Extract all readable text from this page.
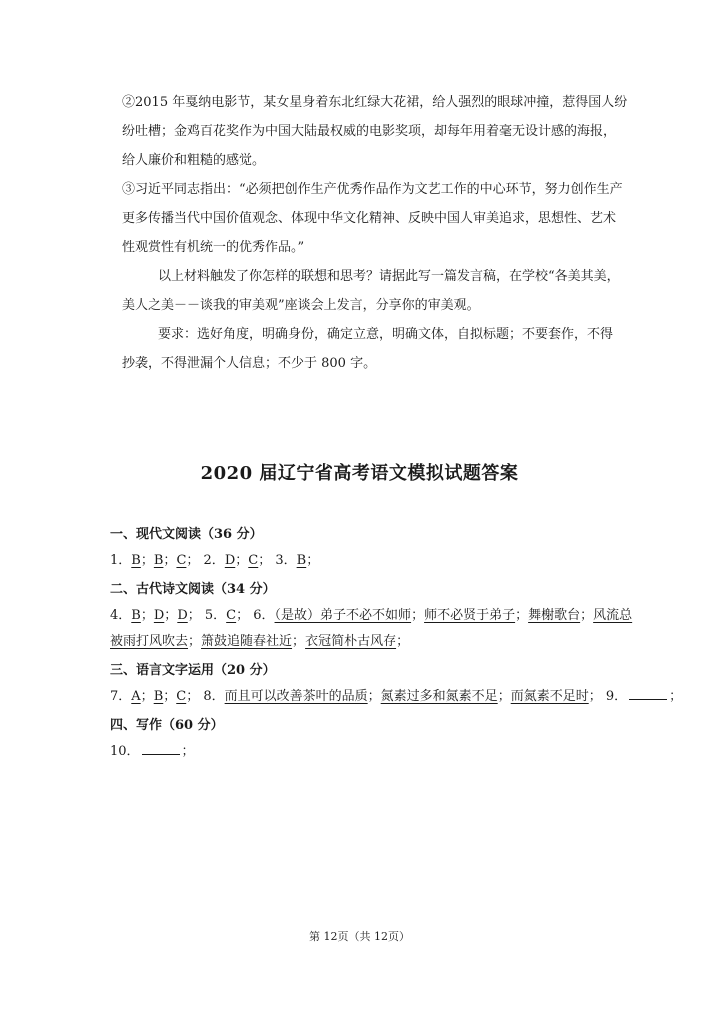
②2015 年戛纳电影节，某女星身着东北红绿大花裙，给人强烈的眼球冲撞，惹得国人纷
纷吐槽；金鸡百花奖作为中国大陆最权威的电影奖项，却每年用着毫无设计感的海报，
给人廉价和粗糙的感觉。

③习近平同志指出：“必须把创作生产优秀作品作为文艺工作的中心环节，努力创作生产
更多传播当代中国价值观念、体现中华文化精神、反映中国人审美追求，思想性、艺术
性观赏性有机统一的优秀作品。”

以上材料触发了你怎样的联想和思考？请据此写一篇发言稿，在学校“各美其美，
美人之美－－谈我的审美观”座谈会上发言，分享你的审美观。

要求：选好角度，明确身份，确定立意，明确文体，自拟标题；不要套作，不得
抄袭，不得泄漏个人信息；不少于 800 字。

2020 届辽宁省高考语文模拟试题答案
一、现代文阅读（36 分）
1．B；B；C； 2．D；C； 3．B；
二、古代诗文阅读（34 分）
4．B；D；D； 5．C； 6．（是故）弟子不必不如师；师不必贤于弟子；舞榭歌台；风流总
被雨打风吹去；箫鼓追随春社近；衣冠简朴古风存；
三、语言文字运用（20 分）
7．A；B；C； 8．而且可以改善茶叶的品质；氮素过多和氮素不足；而氮素不足时； 9．	；
四、写作（60 分）
10．	；
第 12页（共 12页）
